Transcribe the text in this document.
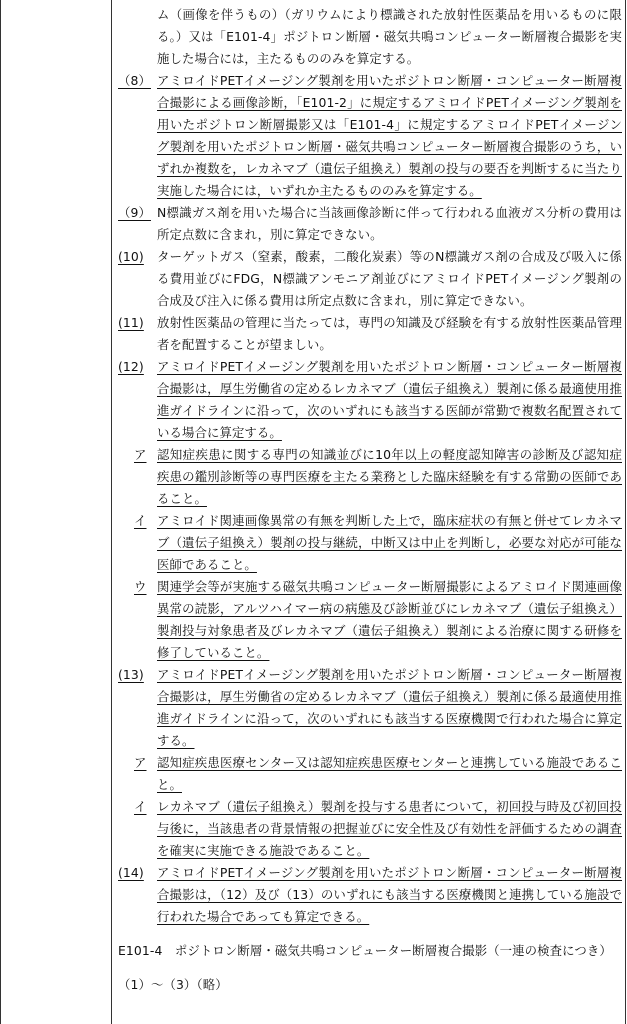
ム（画像を伴うもの）（ガリウムにより標識された放射性医薬品を用いるものに限る。）又は「E101-4」ポジトロン断層・磁気共鳴コンピューター断層複合撮影を実施した場合には，主たるもののみを算定する。

（8） アミロイドPETイメージング製剤を用いたポジトロン断層・コンピューター断層複合撮影による画像診断，「E101-2」に規定するアミロイドPETイメージング製剤を用いたポジトロン断層撮影又は「E101-4」に規定するアミロイドPETイメージング製剤を用いたポジトロン断層・磁気共鳴コンピューター断層複合撮影のうち，いずれか複数を，レカネマブ（遺伝子組換え）製剤の投与の要否を判断するに当たり実施した場合には，いずれか主たるもののみを算定する。

（9） N標識ガス剤を用いた場合に当該画像診断に伴って行われる血液ガス分析の費用は所定点数に含まれ，別に算定できない。

(10)	ターゲットガス（窒素，酸素，二酸化炭素）等のN標識ガス剤の合成及び吸入に係る費用並びにFDG，N標識アンモニア剤並びにアミロイドPETイメージング製剤の合成及び注入に係る費用は所定点数に含まれ，別に算定できない。

(11)	放射性医薬品の管理に当たっては，専門の知識及び経験を有する放射性医薬品管理者を配置することが望ましい。

(12)	アミロイドPETイメージング製剤を用いたポジトロン断層・コンピューター断層複合撮影は，厚生労働省の定めるレカネマブ（遺伝子組換え）製剤に係る最適使用推進ガイドラインに沿って，次のいずれにも該当する医師が常勤で複数名配置されている場合に算定する。

ア 認知症疾患に関する専門の知識並びに10年以上の軽度認知障害の診断及び認知症疾患の鑑別診断等の専門医療を主たる業務とした臨床経験を有する常勤の医師であること。

イ アミロイド関連画像異常の有無を判断した上で，臨床症状の有無と併せてレカネマブ（遺伝子組換え）製剤の投与継続，中断又は中止を判断し，必要な対応が可能な医師であること。

ウ 関連学会等が実施する磁気共鳴コンピューター断層撮影によるアミロイド関連画像異常の読影，アルツハイマー病の病態及び診断並びにレカネマブ（遺伝子組換え）製剤投与対象患者及びレカネマブ（遺伝子組換え）製剤による治療に関する研修を修了していること。

(13)	アミロイドPETイメージング製剤を用いたポジトロン断層・コンピューター断層複合撮影は，厚生労働省の定めるレカネマブ（遺伝子組換え）製剤に係る最適使用推進ガイドラインに沿って，次のいずれにも該当する医療機関で行われた場合に算定する。

ア 認知症疾患医療センター又は認知症疾患医療センターと連携している施設であること。

イ レカネマブ（遺伝子組換え）製剤を投与する患者について，初回投与時及び初回投与後に，当該患者の背景情報の把握並びに安全性及び有効性を評価するための調査を確実に実施できる施設であること。

(14)	アミロイドPETイメージング製剤を用いたポジトロン断層・コンピューター断層複合撮影は，（12）及び（13）のいずれにも該当する医療機関と連携している施設で行われた場合であっても算定できる。

E101-4　ポジトロン断層・磁気共鳴コンピューター断層複合撮影（一連の検査につき）

（1）～（3）（略）
